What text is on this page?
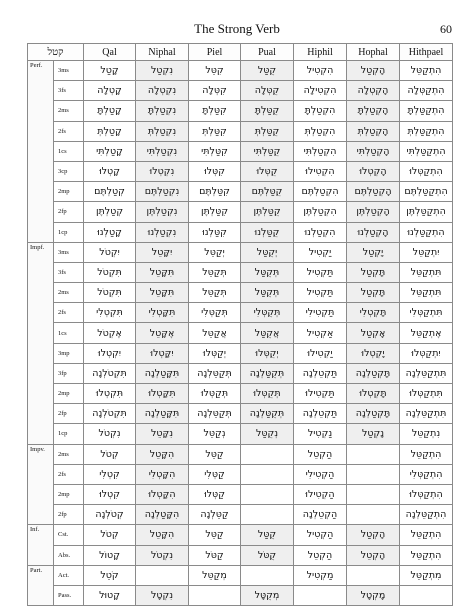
The Strong Verb	60
קטל		Qal	Niphal	Piel	Pual	Hiphil	Hophal	Hithpael
Perf.	3ms	קָטַל	נִקְטַל	קִטֵּל	קֻטַּל	הִקְטִיל	הָקְטַל	הִתְקַטֵּל
	3fs	קָטְלָה	נִקְטְלָה	קִטְּלָה	קֻטְּלָה	הִקְטִילָה	הָקְטְלָה	הִתְקַטְּלָה
	2ms	קָטַלְתָּ	נִקְטַלְתָּ	קִטַּלְתָּ	קֻטַּלְתָּ	הִקְטַלְתָּ	הָקְטַלְתָּ	הִתְקַטַּלְתָּ
	2fs	קָטַלְתְּ	נִקְטַלְתְּ	קִטַּלְתְּ	קֻטַּלְתְּ	הִקְטַלְתְּ	הָקְטַלְתְּ	הִתְקַטַּלְתְּ
	1cs	קָטַלְתִּי	נִקְטַלְתִּי	קִטַּלְתִּי	קֻטַּלְתִּי	הִקְטַלְתִּי	הָקְטַלְתִּי	הִתְקַטַּלְתִּי
	3cp	קָטְלוּ	נִקְטְלוּ	קִטְּלוּ	קֻטְּלוּ	הִקְטִילוּ	הָקְטְלוּ	הִתְקַטְּלוּ
	2mp	קְטַלְתֶּם	נִקְטַלְתֶּם	קִטַּלְתֶּם	קֻטַּלְתֶּם	הִקְטַלְתֶּם	הָקְטַלְתֶּם	הִתְקַטַּלְתֶּם
	2fp	קְטַלְתֶּן	נִקְטַלְתֶּן	קִטַּלְתֶּן	קֻטַּלְתֶּן	הִקְטַלְתֶּן	הָקְטַלְתֶּן	הִתְקַטַּלְתֶּן
	1cp	קָטַלְנוּ	נִקְטַלְנוּ	קִטַּלְנוּ	קֻטַּלְנוּ	הִקְטַלְנוּ	הָקְטַלְנוּ	הִתְקַטַּלְנוּ
Impf.	3ms	יִקְטֹל	יִקָּטֵל	יְקַטֵּל	יְקֻטַּל	יַקְטִיל	יָקְטַל	יִתְקַטֵּל
	3fs	תִּקְטֹל	תִּקָּטֵל	תְּקַטֵּל	תְּקֻטַּל	תַּקְטִיל	תָּקְטַל	תִּתְקַטֵּל
	2ms	תִּקְטֹל	תִּקָּטֵל	תְּקַטֵּל	תְּקֻטַּל	תַּקְטִיל	תָּקְטַל	תִּתְקַטֵּל
	2fs	תִּקְטְלִי	תִּקָּטְלִי	תְּקַטְּלִי	תְּקֻטְּלִי	תַּקְטִילִי	תָּקְטְלִי	תִּתְקַטְּלִי
	1cs	אֶקְטֹל	אֶקָּטֵל	אֲקַטֵּל	אֲקֻטַּל	אַקְטִיל	אָקְטַל	אֶתְקַטֵּל
	3mp	יִקְטְלוּ	יִקָּטְלוּ	יְקַטְּלוּ	יְקֻטְּלוּ	יַקְטִילוּ	יָקְטְלוּ	יִתְקַטְּלוּ
	3fp	תִּקְטֹלְנָה	תִּקָּטַלְנָה	תְּקַטֵּלְנָה	תְּקֻטַּלְנָה	תַּקְטֵלְנָה	תָּקְטַלְנָה	תִּתְקַטֵּלְנָה
	2mp	תִּקְטְלוּ	תִּקָּטְלוּ	תְּקַטְּלוּ	תְּקֻטְּלוּ	תַּקְטִילוּ	תָּקְטְלוּ	תִּתְקַטְּלוּ
	2fp	תִּקְטֹלְנָה	תִּקָּטַלְנָה	תְּקַטֵּלְנָה	תְּקֻטַּלְנָה	תַּקְטֵלְנָה	תָּקְטַלְנָה	תִּתְקַטֵּלְנָה
	1cp	נִקְטֹל	נִקָּטֵל	נְקַטֵּל	נְקֻטַּל	נַקְטִיל	נָקְטַל	נִתְקַטֵּל
Impv.	2ms	קְטֹל	הִקָּטֵל	קַטֵּל		הַקְטֵל		הִתְקַטֵּל
	2fs	קִטְלִי	הִקָּטְלִי	קַטְּלִי		הַקְטִילִי		הִתְקַטְּלִי
	2mp	קִטְלוּ	הִקָּטְלוּ	קַטְּלוּ		הַקְטִילוּ		הִתְקַטְּלוּ
	2fp	קְטֹלְנָה	הִקָּטַלְנָה	קַטֵּלְנָה		הַקְטֵלְנָה		הִתְקַטֵּלְנָה
Inf.	Cst.	קְטֹל	הִקָּטֵל	קַטֵּל	קֻטַּל	הַקְטִיל	הָקְטַל	הִתְקַטֵּל
	Abs.	קָטוֹל	נִקְטֹל	קַטֹּל	קֻטֹּל	הַקְטֵל	הָקְטֵל	הִתְקַטֵּל
Part.	Act.	קֹטֵל		מְקַטֵּל		מַקְטִיל		מִתְקַטֵּל
	Pass.	קָטוּל	נִקְטָל		מְקֻטָּל		מָקְטָל	
